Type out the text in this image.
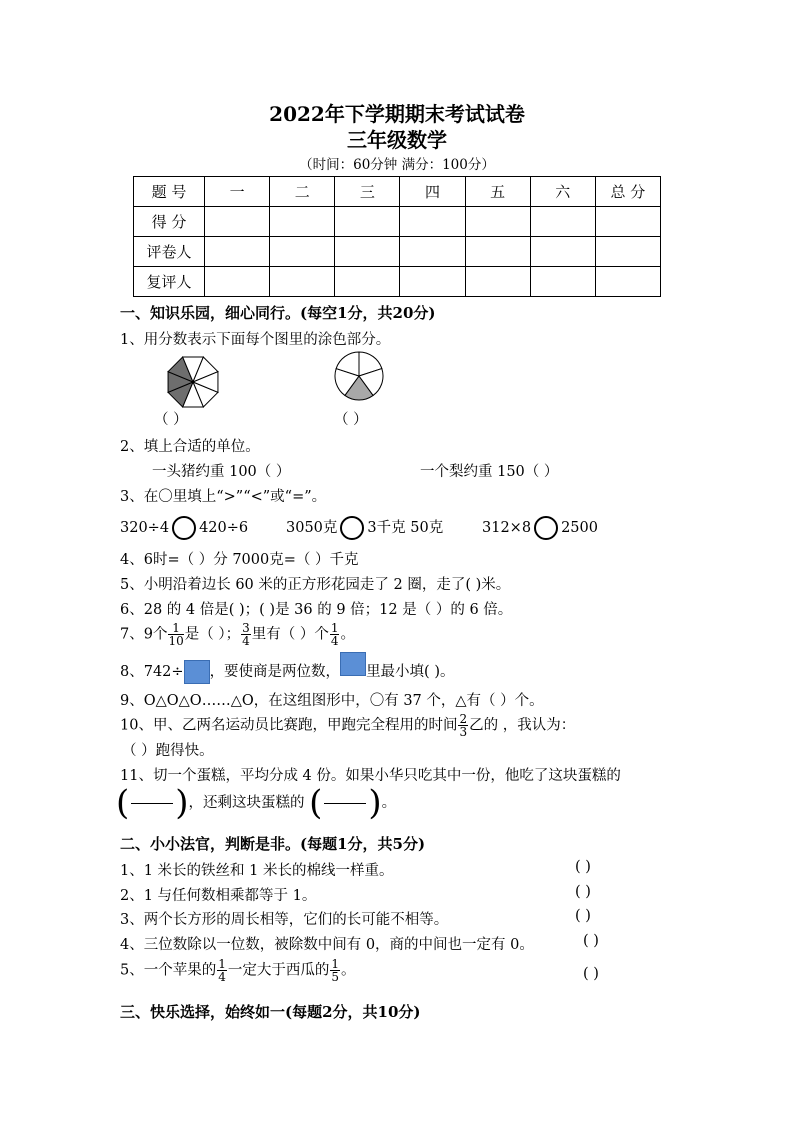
2022年下学期期末考试试卷
三年级数学
（时间：60分钟 满分：100分）
题 号	一	二	三	四	五	六	总 分
得 分							
评卷人							
复评人							
一、知识乐园，细心同行。(每空1分，共20分)
1、用分数表示下面每个图里的涂色部分。
（ ）	（ ）
2、填上合适的单位。
一头猪约重 100（ ）	一个梨约重 150（ ）
3、在〇里填上“>”“<”或“=”。
320÷4 420÷6	3050克 3千克 50克	312×8 2500
4、6时=（ ）分 7000克=（ ）千克
5、小明沿着边长 60 米的正方形花园走了 2 圈，走了( )米。
6、28 的 4 倍是( )；( )是 36 的 9 倍；12 是（ ）的 6 倍。
7、9个 $\frac{1}{10}$ 是（ ）； $\frac{3}{4}$ 里有（ ）个 $\frac{1}{4}$ 。
8、742÷ ，要使商是两位数， 里最小填( )。
9、O△O△O……△O，在这组图形中，〇有 37 个，△有（ ）个。
10、甲、乙两名运动员比赛跑，甲跑完全程用的时间 $\frac{2}{3}$ 乙的 ，我认为：
（ ）跑得快。
11、切一个蛋糕，平均分成 4 份。如果小华只吃其中一份，他吃了这块蛋糕的
( )，还剩这块蛋糕的 ( )。
二、小小法官，判断是非。(每题1分，共5分)
1、1 米长的铁丝和 1 米长的棉线一样重。	( )
2、1 与任何数相乘都等于 1。	( )
3、两个长方形的周长相等，它们的长可能不相等。	( )
4、三位数除以一位数，被除数中间有 0，商的中间也一定有 0。	( )
5、一个苹果的 $\frac{1}{4}$ 一定大于西瓜的 $\frac{1}{5}$ 。	( )
三、快乐选择，始终如一(每题2分，共10分)
